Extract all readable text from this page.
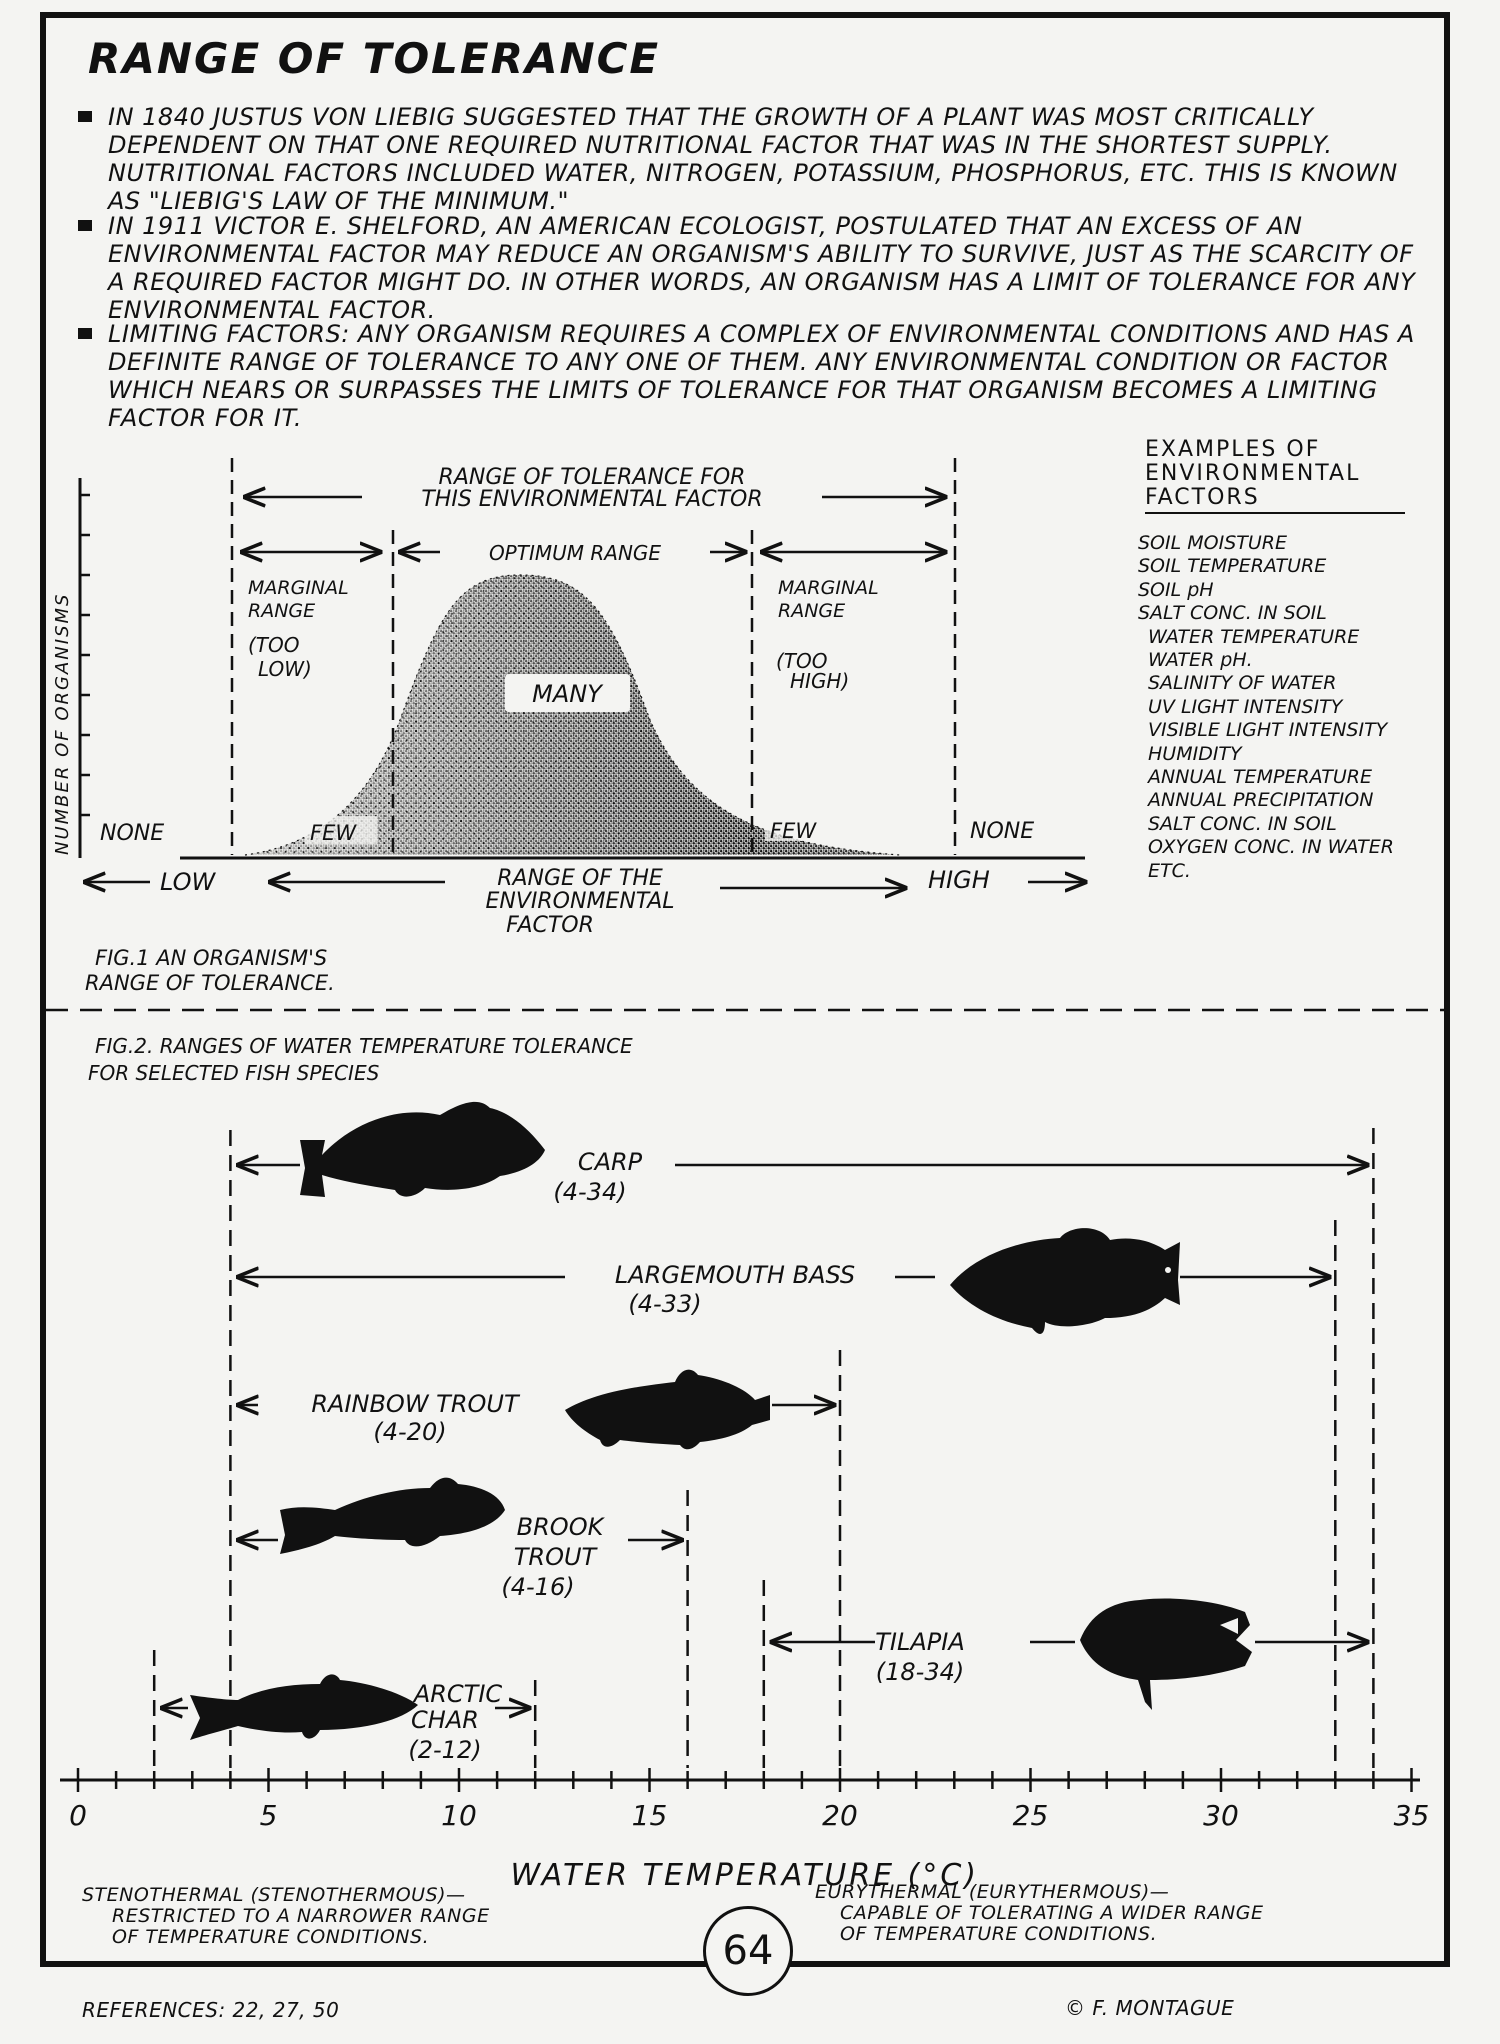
RANGE OF TOLERANCE
IN 1840 JUSTUS VON LIEBIG SUGGESTED THAT THE GROWTH OF A PLANT WAS MOST CRITICALLY DEPENDENT ON THAT ONE REQUIRED NUTRITIONAL FACTOR THAT WAS IN THE SHORTEST SUPPLY. NUTRITIONAL FACTORS INCLUDED WATER, NITROGEN, POTASSIUM, PHOSPHORUS, ETC. THIS IS KNOWN AS "LIEBIG'S LAW OF THE MINIMUM."
IN 1911 VICTOR E. SHELFORD, AN AMERICAN ECOLOGIST, POSTULATED THAT AN EXCESS OF AN ENVIRONMENTAL FACTOR MAY REDUCE AN ORGANISM'S ABILITY TO SURVIVE, JUST AS THE SCARCITY OF A REQUIRED FACTOR MIGHT DO. IN OTHER WORDS, AN ORGANISM HAS A LIMIT OF TOLERANCE FOR ANY ENVIRONMENTAL FACTOR.
LIMITING FACTORS: ANY ORGANISM REQUIRES A COMPLEX OF ENVIRONMENTAL CONDITIONS AND HAS A DEFINITE RANGE OF TOLERANCE TO ANY ONE OF THEM. ANY ENVIRONMENTAL CONDITION OR FACTOR WHICH NEARS OR SURPASSES THE LIMITS OF TOLERANCE FOR THAT ORGANISM BECOMES A LIMITING FACTOR FOR IT.
NUMBER OF ORGANISMS
RANGE OF TOLERANCE FOR
THIS ENVIRONMENTAL FACTOR
OPTIMUM RANGE
MARGINAL
RANGE
(TOO
LOW)
MARGINAL
RANGE
(TOO
HIGH)
MANY
FEW	FEW
NONE	NONE
LOW	RANGE OF THE
ENVIRONMENTAL
FACTOR
HIGH
FIG.1 AN ORGANISM'S
RANGE OF TOLERANCE.
FIG.2. RANGES OF WATER TEMPERATURE TOLERANCE
FOR SELECTED FISH SPECIES
0	5	10	15	20	25	30	35
WATER TEMPERATURE (°C)
CARP
(4-34)
LARGEMOUTH BASS
(4-33)
RAINBOW TROUT
(4-20)
BROOK
TROUT
(4-16)
TILAPIA
(18-34)
ARCTIC
CHAR
(2-12)
EXAMPLES OF
ENVIRONMENTAL
FACTORS
SOIL MOISTURE
SOIL TEMPERATURE
SOIL pH
SALT CONC. IN SOIL
WATER TEMPERATURE
WATER pH.
SALINITY OF WATER
UV LIGHT INTENSITY
VISIBLE LIGHT INTENSITY
HUMIDITY
ANNUAL TEMPERATURE
ANNUAL PRECIPITATION
SALT CONC. IN SOIL
OXYGEN CONC. IN WATER
ETC.
STENOTHERMAL (STENOTHERMOUS)—
RESTRICTED TO A NARROWER RANGE
OF TEMPERATURE CONDITIONS.
EURYTHERMAL (EURYTHERMOUS)—
CAPABLE OF TOLERATING A WIDER RANGE
OF TEMPERATURE CONDITIONS.
64
REFERENCES: 22, 27, 50	© F. MONTAGUE
